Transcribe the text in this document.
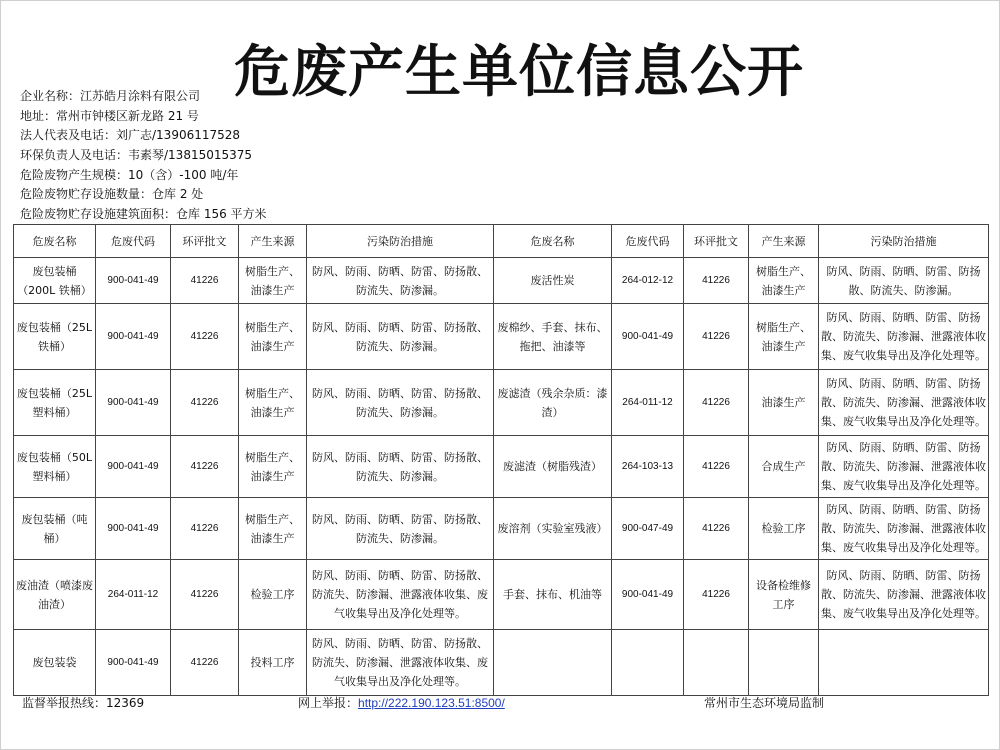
危废产生单位信息公开
企业名称：江苏皓月涂料有限公司
地址：常州市钟楼区新龙路 21 号
法人代表及电话：刘广志/13906117528
环保负责人及电话：韦素琴/13815015375
危险废物产生规模：10（含）-100 吨/年
危险废物贮存设施数量：仓库 2 处
危险废物贮存设施建筑面积：仓库 156 平方米
危废名称	危废代码	环评批文	产生来源	污染防治措施	危废名称	危废代码	环评批文	产生来源	污染防治措施
废包装桶（200L 铁桶）	900-041-49	41226	树脂生产、油漆生产	防风、防雨、防晒、防雷、防扬散、防流失、防渗漏。	废活性炭	264-012-12	41226	树脂生产、油漆生产	防风、防雨、防晒、防雷、防扬散、防流失、防渗漏。
废包装桶（25L 铁桶）	900-041-49	41226	树脂生产、油漆生产	防风、防雨、防晒、防雷、防扬散、防流失、防渗漏。	废棉纱、手套、抹布、拖把、油漆等	900-041-49	41226	树脂生产、油漆生产	防风、防雨、防晒、防雷、防扬散、防流失、防渗漏、泄露液体收集、废气收集导出及净化处理等。
废包装桶（25L 塑料桶）	900-041-49	41226	树脂生产、油漆生产	防风、防雨、防晒、防雷、防扬散、防流失、防渗漏。	废滤渣（残余杂质：漆渣）	264-011-12	41226	油漆生产	防风、防雨、防晒、防雷、防扬散、防流失、防渗漏、泄露液体收集、废气收集导出及净化处理等。
废包装桶（50L 塑料桶）	900-041-49	41226	树脂生产、油漆生产	防风、防雨、防晒、防雷、防扬散、防流失、防渗漏。	废滤渣（树脂残渣）	264-103-13	41226	合成生产	防风、防雨、防晒、防雷、防扬散、防流失、防渗漏、泄露液体收集、废气收集导出及净化处理等。
废包装桶（吨桶）	900-041-49	41226	树脂生产、油漆生产	防风、防雨、防晒、防雷、防扬散、防流失、防渗漏。	废溶剂（实验室残液）	900-047-49	41226	检验工序	防风、防雨、防晒、防雷、防扬散、防流失、防渗漏、泄露液体收集、废气收集导出及净化处理等。
废油渣（喷漆废油渣）	264-011-12	41226	检验工序	防风、防雨、防晒、防雷、防扬散、防流失、防渗漏、泄露液体收集、废气收集导出及净化处理等。	手套、抹布、机油等	900-041-49	41226	设备检维修工序	防风、防雨、防晒、防雷、防扬散、防流失、防渗漏、泄露液体收集、废气收集导出及净化处理等。
废包装袋	900-041-49	41226	投料工序	防风、防雨、防晒、防雷、防扬散、防流失、防渗漏、泄露液体收集、废气收集导出及净化处理等。					
监督举报热线：12369	网上举报：http://222.190.123.51:8500/	常州市生态环境局监制
